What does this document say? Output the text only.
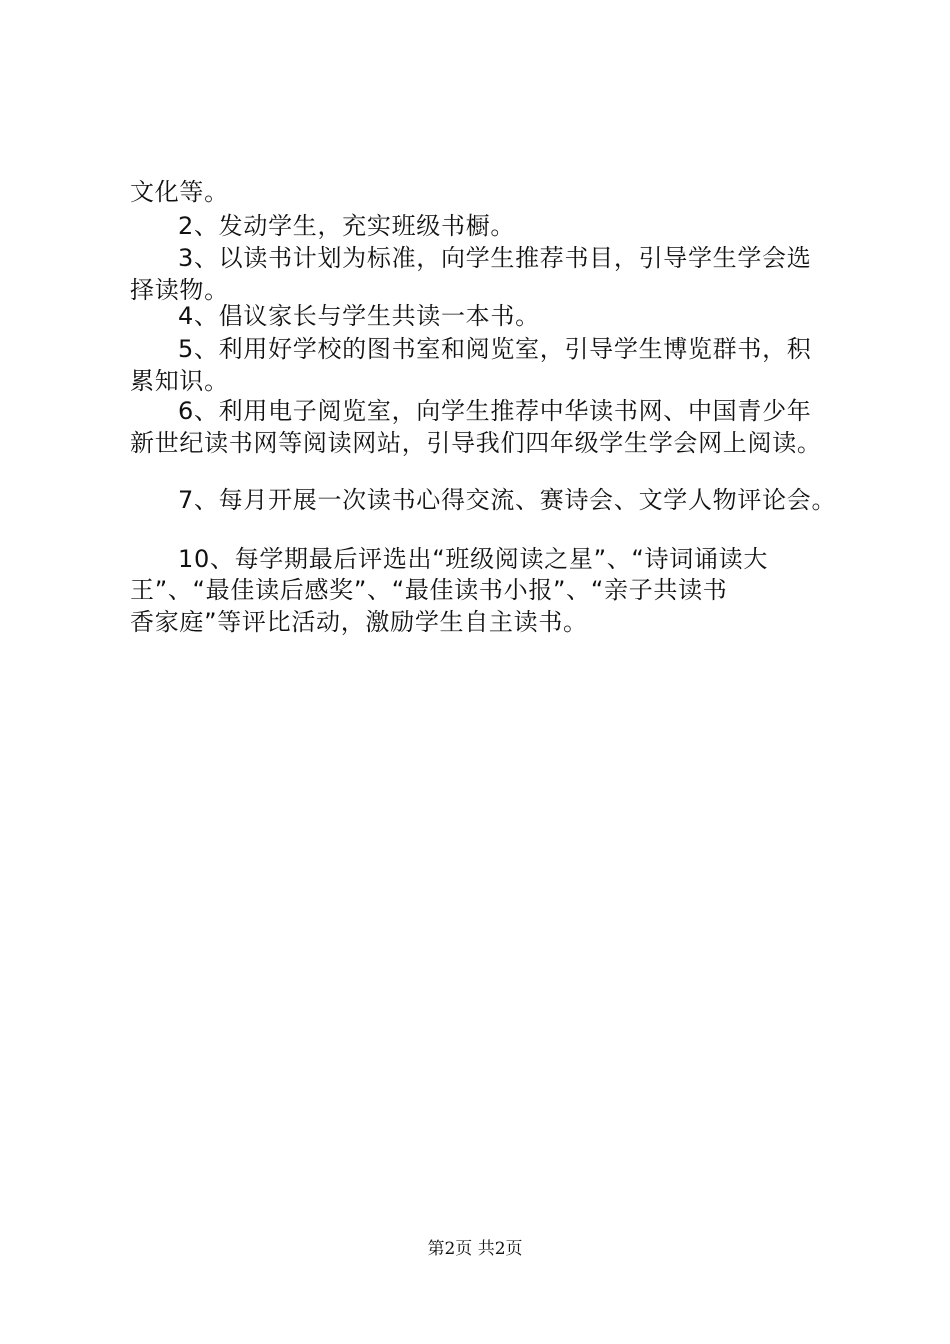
文化等。
2、发动学生，充实班级书橱。
3、以读书计划为标准，向学生推荐书目，引导学生学会选
择读物。
4、倡议家长与学生共读一本书。
5、利用好学校的图书室和阅览室，引导学生博览群书，积
累知识。
6、利用电子阅览室，向学生推荐中华读书网、中国青少年
新世纪读书网等阅读网站，引导我们四年级学生学会网上阅读。
7、每月开展一次读书心得交流、赛诗会、文学人物评论会。
10、每学期最后评选出“班级阅读之星”、“诗词诵读大
王”、“最佳读后感奖”、“最佳读书小报”、“亲子共读书
香家庭”等评比活动，激励学生自主读书。
第2页 共2页
